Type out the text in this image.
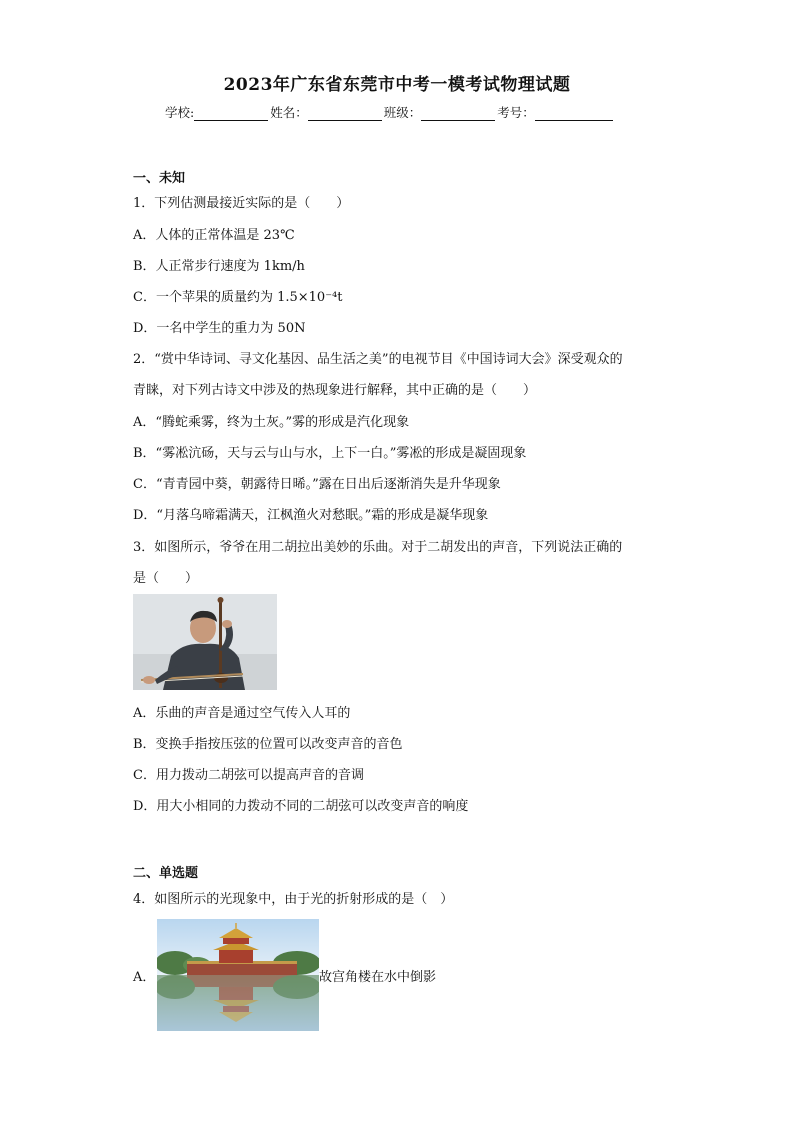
2023年广东省东莞市中考一模考试物理试题
学校:	姓名：	班级：	考号：
一、未知
1．下列估测最接近实际的是（　　）
A．人体的正常体温是 23℃
B．人正常步行速度为 1km/h
C．一个苹果的质量约为 1.5×10⁻⁴t
D．一名中学生的重力为 50N
2．“赏中华诗词、寻文化基因、品生活之美”的电视节目《中国诗词大会》深受观众的
青睐，对下列古诗文中涉及的热现象进行解释，其中正确的是（　　）
A．“腾蛇乘雾，终为土灰。”雾的形成是汽化现象
B．“雾凇沆砀，天与云与山与水，上下一白。”雾凇的形成是凝固现象
C．“青青园中葵，朝露待日晞。”露在日出后逐渐消失是升华现象
D．“月落乌啼霜满天，江枫渔火对愁眠。”霜的形成是凝华现象
3．如图所示，爷爷在用二胡拉出美妙的乐曲。对于二胡发出的声音，下列说法正确的
是（　　）
A．乐曲的声音是通过空气传入人耳的
B．变换手指按压弦的位置可以改变声音的音色
C．用力拨动二胡弦可以提高声音的音调
D．用大小相同的力拨动不同的二胡弦可以改变声音的响度
二、单选题
4．如图所示的光现象中，由于光的折射形成的是（　）
A．	故宫角楼在水中倒影
